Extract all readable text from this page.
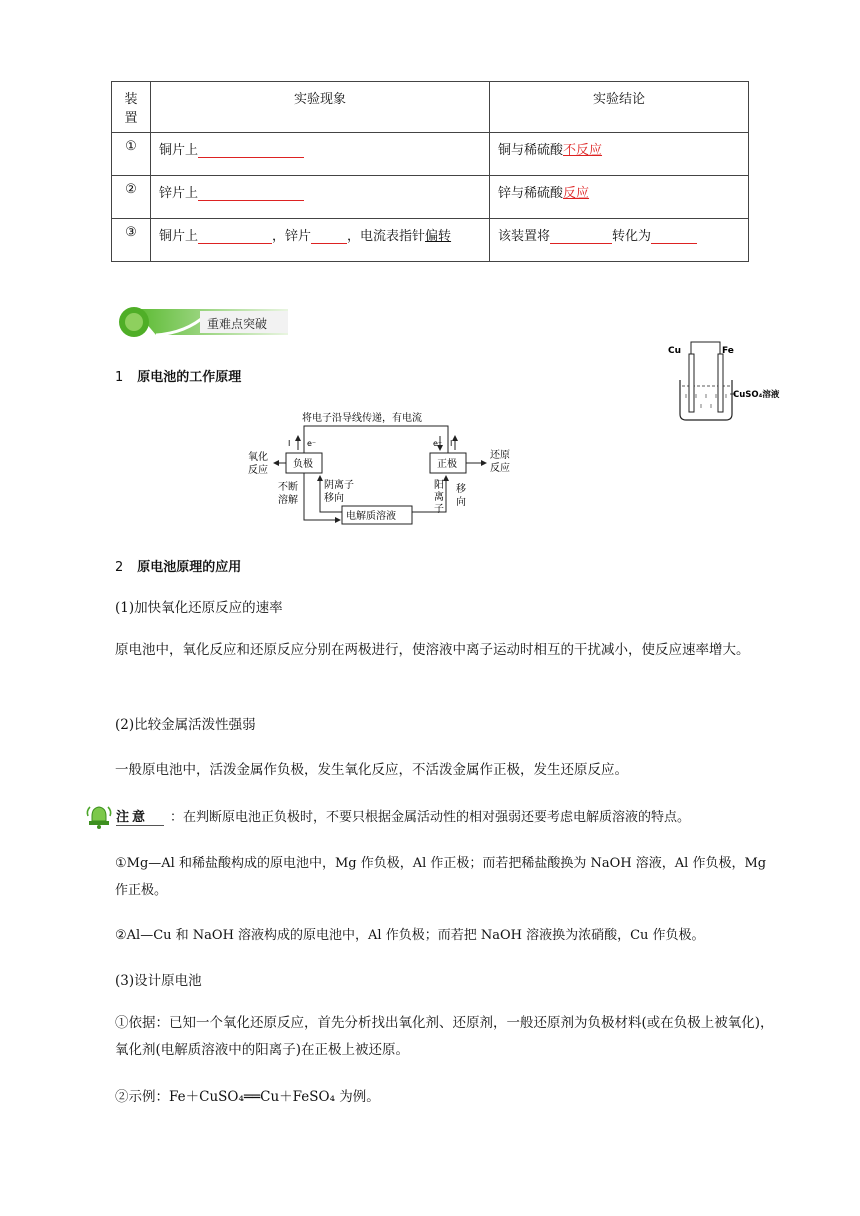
装置	实验现象	实验结论
①	铜片上	铜与稀硫酸不反应
②	锌片上	锌与稀硫酸反应
③	铜片上 ，锌片 ，电流表指针偏转	该装置将 转化为
重难点突破
Cu	Fe
CuSO₄溶液
1 原电池的工作原理
将电子沿导线传递，有电流
I e⁻	e⁻ I
负极	正极
电解质溶液
氧化
反应
还原
反应
不断
溶解
阴离子
移向
阳
离
子
移
向
2 原电池原理的应用
(1)加快氧化还原反应的速率
原电池中，氧化反应和还原反应分别在两极进行，使溶液中离子运动时相互的干扰减小，使反应速率增大。
(2)比较金属活泼性强弱
一般原电池中，活泼金属作负极，发生氧化反应，不活泼金属作正极，发生还原反应。
注意 ：在判断原电池正负极时，不要只根据金属活动性的相对强弱还要考虑电解质溶液的特点。
①Mg—Al 和稀盐酸构成的原电池中，Mg 作负极，Al 作正极；而若把稀盐酸换为 NaOH 溶液，Al 作负极，Mg 作正极。
②Al—Cu 和 NaOH 溶液构成的原电池中，Al 作负极；而若把 NaOH 溶液换为浓硝酸，Cu 作负极。
(3)设计原电池
①依据：已知一个氧化还原反应，首先分析找出氧化剂、还原剂，一般还原剂为负极材料(或在负极上被氧化)，氧化剂(电解质溶液中的阳离子)在正极上被还原。
②示例：Fe＋CuSO₄══Cu＋FeSO₄ 为例。
